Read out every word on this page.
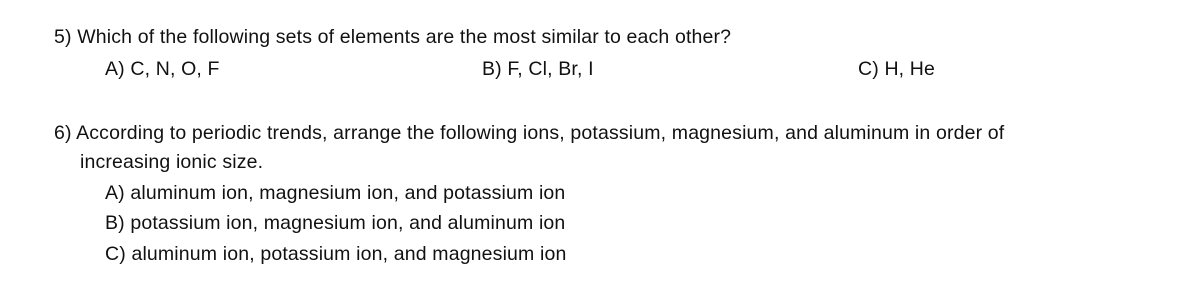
5) Which of the following sets of elements are the most similar to each other?
A) C, N, O, F	B) F, Cl, Br, I	C) H, He
6) According to periodic trends, arrange the following ions, potassium, magnesium, and aluminum in order of
increasing ionic size.
A) aluminum ion, magnesium ion, and potassium ion
B) potassium ion, magnesium ion, and aluminum ion
C) aluminum ion, potassium ion, and magnesium ion
